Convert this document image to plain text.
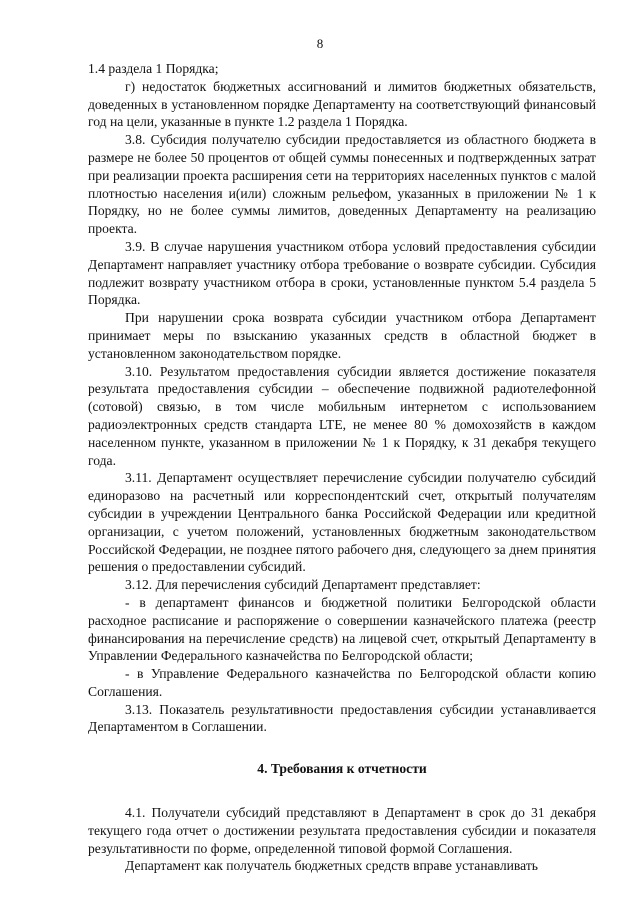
8

1.4 раздела 1 Порядка;

г) недостаток бюджетных ассигнований и лимитов бюджетных обязательств, доведенных в установленном порядке Департаменту на соответствующий финансовый год на цели, указанные в пункте 1.2 раздела 1 Порядка.

3.8. Субсидия получателю субсидии предоставляется из областного бюджета в размере не более 50 процентов от общей суммы понесенных и подтвержденных затрат при реализации проекта расширения сети на территориях населенных пунктов с малой плотностью населения и(или) сложным рельефом, указанных в приложении № 1 к Порядку, но не более суммы лимитов, доведенных Департаменту на реализацию проекта.

3.9. В случае нарушения участником отбора условий предоставления субсидии Департамент направляет участнику отбора требование о возврате субсидии. Субсидия подлежит возврату участником отбора в сроки, установленные пунктом 5.4 раздела 5 Порядка.

При нарушении срока возврата субсидии участником отбора Департамент принимает меры по взысканию указанных средств в областной бюджет в установленном законодательством порядке.

3.10. Результатом предоставления субсидии является достижение показателя результата предоставления субсидии – обеспечение подвижной радиотелефонной (сотовой) связью, в том числе мобильным интернетом с использованием радиоэлектронных средств стандарта LTE, не менее 80 % домохозяйств в каждом населенном пункте, указанном в приложении № 1 к Порядку, к 31 декабря текущего года.

3.11. Департамент осуществляет перечисление субсидии получателю субсидий единоразово на расчетный или корреспондентский счет, открытый получателям субсидии в учреждении Центрального банка Российской Федерации или кредитной организации, с учетом положений, установленных бюджетным законодательством Российской Федерации, не позднее пятого рабочего дня, следующего за днем принятия решения о предоставлении субсидий.

3.12. Для перечисления субсидий Департамент представляет:

- в департамент финансов и бюджетной политики Белгородской области расходное расписание и распоряжение о совершении казначейского платежа (реестр финансирования на перечисление средств) на лицевой счет, открытый Департаменту в Управлении Федерального казначейства по Белгородской области;

- в Управление Федерального казначейства по Белгородской области копию Соглашения.

3.13. Показатель результативности предоставления субсидии устанавливается Департаментом в Соглашении.

4. Требования к отчетности

4.1. Получатели субсидий представляют в Департамент в срок до 31 декабря текущего года отчет о достижении результата предоставления субсидии и показателя результативности по форме, определенной типовой формой Соглашения.

Департамент как получатель бюджетных средств вправе устанавливать
